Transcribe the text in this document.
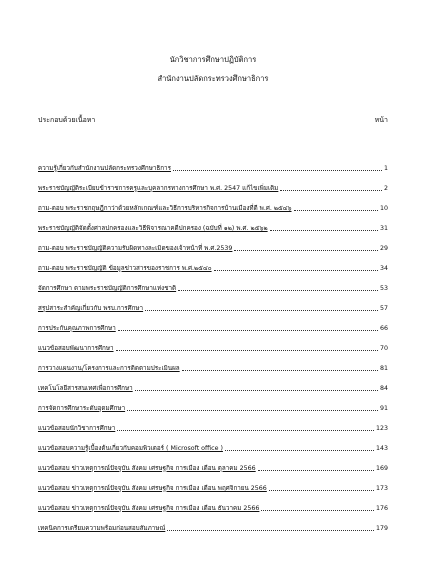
นักวิชาการศึกษาปฏิบัติการ
สำนักงานปลัดกระทรวงศึกษาธิการ
ประกอบด้วยเนื้อหา	หน้า
ความรู้เกี่ยวกับสำนักงานปลัดกระทรวงศึกษาธิการ	1
พระราชบัญญัติระเบียบข้าราชการครูและบุคลากรทางการศึกษา พ.ศ. 2547 แก้ไขเพิ่มเติม	2
ถาม-ตอบ พระราชกฤษฎีกาว่าด้วยหลักเกณฑ์และวิธีการบริหารกิจการบ้านเมืองที่ดี พ.ศ. ๒๕๔๖	10
พระราชบัญญัติจัดตั้งศาลปกครองและวิธีพิจารณาคดีปกครอง (ฉบับที่ ๑๒) พ.ศ. ๒๕๖๒	31
ถาม-ตอบ พระราชบัญญัติความรับผิดทางละเมิดของเจ้าหน้าที่ พ.ศ.2539	29
ถาม-ตอบ พระราชบัญญัติ ข้อมูลข่าวสารของราชการ พ.ศ.๒๕๔๐	34
จัดการศึกษา ตามพระราชบัญญัติการศึกษาแห่งชาติ	53
สรุปสาระสำคัญเกี่ยวกับ พรบ.การศึกษา	57
การประกันคุณภาพการศึกษา	66
แนวข้อสอบพัฒนาการศึกษา	70
การวางแผนงาน/โครงการและการติดตามประเมินผล	81
เทคโนโลยีสารสนเทศเพื่อการศึกษา	84
การจัดการศึกษาระดับอุดมศึกษา	91
แนวข้อสอบนักวิชาการศึกษา	123
แนวข้อสอบความรู้เบื้องต้นเกี่ยวกับคอมพิวเตอร์ ( Microsoft office )	143
แนวข้อสอบ ข่าวเหตุการณ์ปัจจุบัน สังคม เศรษฐกิจ การเมือง เดือน ตุลาคม 2566	169
แนวข้อสอบ ข่าวเหตุการณ์ปัจจุบัน สังคม เศรษฐกิจ การเมือง เดือน พฤศจิกายน 2566	173
แนวข้อสอบ ข่าวเหตุการณ์ปัจจุบัน สังคม เศรษฐกิจ การเมือง เดือน ธันวาคม 2566	176
เทคนิคการเตรียมความพร้อมก่อนสอบสัมภาษณ์	179
